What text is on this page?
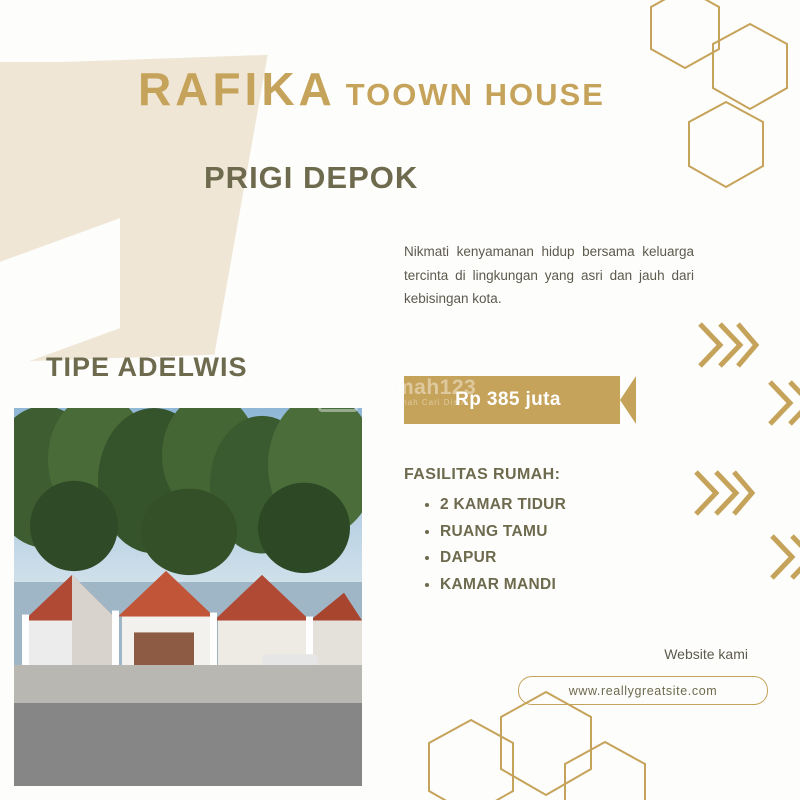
RAFIKA TOOWN HOUSE
PRIGI DEPOK
Nikmati kenyamanan hidup bersama keluarga tercinta di lingkungan yang asri dan jauh dari kebisingan kota.
TIPE ADELWIS
Rp 385 juta
Rumah123
Cari Rumah Cari Disini
FASILITAS RUMAH:
• 2 KAMAR TIDUR
• RUANG TAMU
• DAPUR
• KAMAR MANDI
Website kami
www.reallygreatsite.com
